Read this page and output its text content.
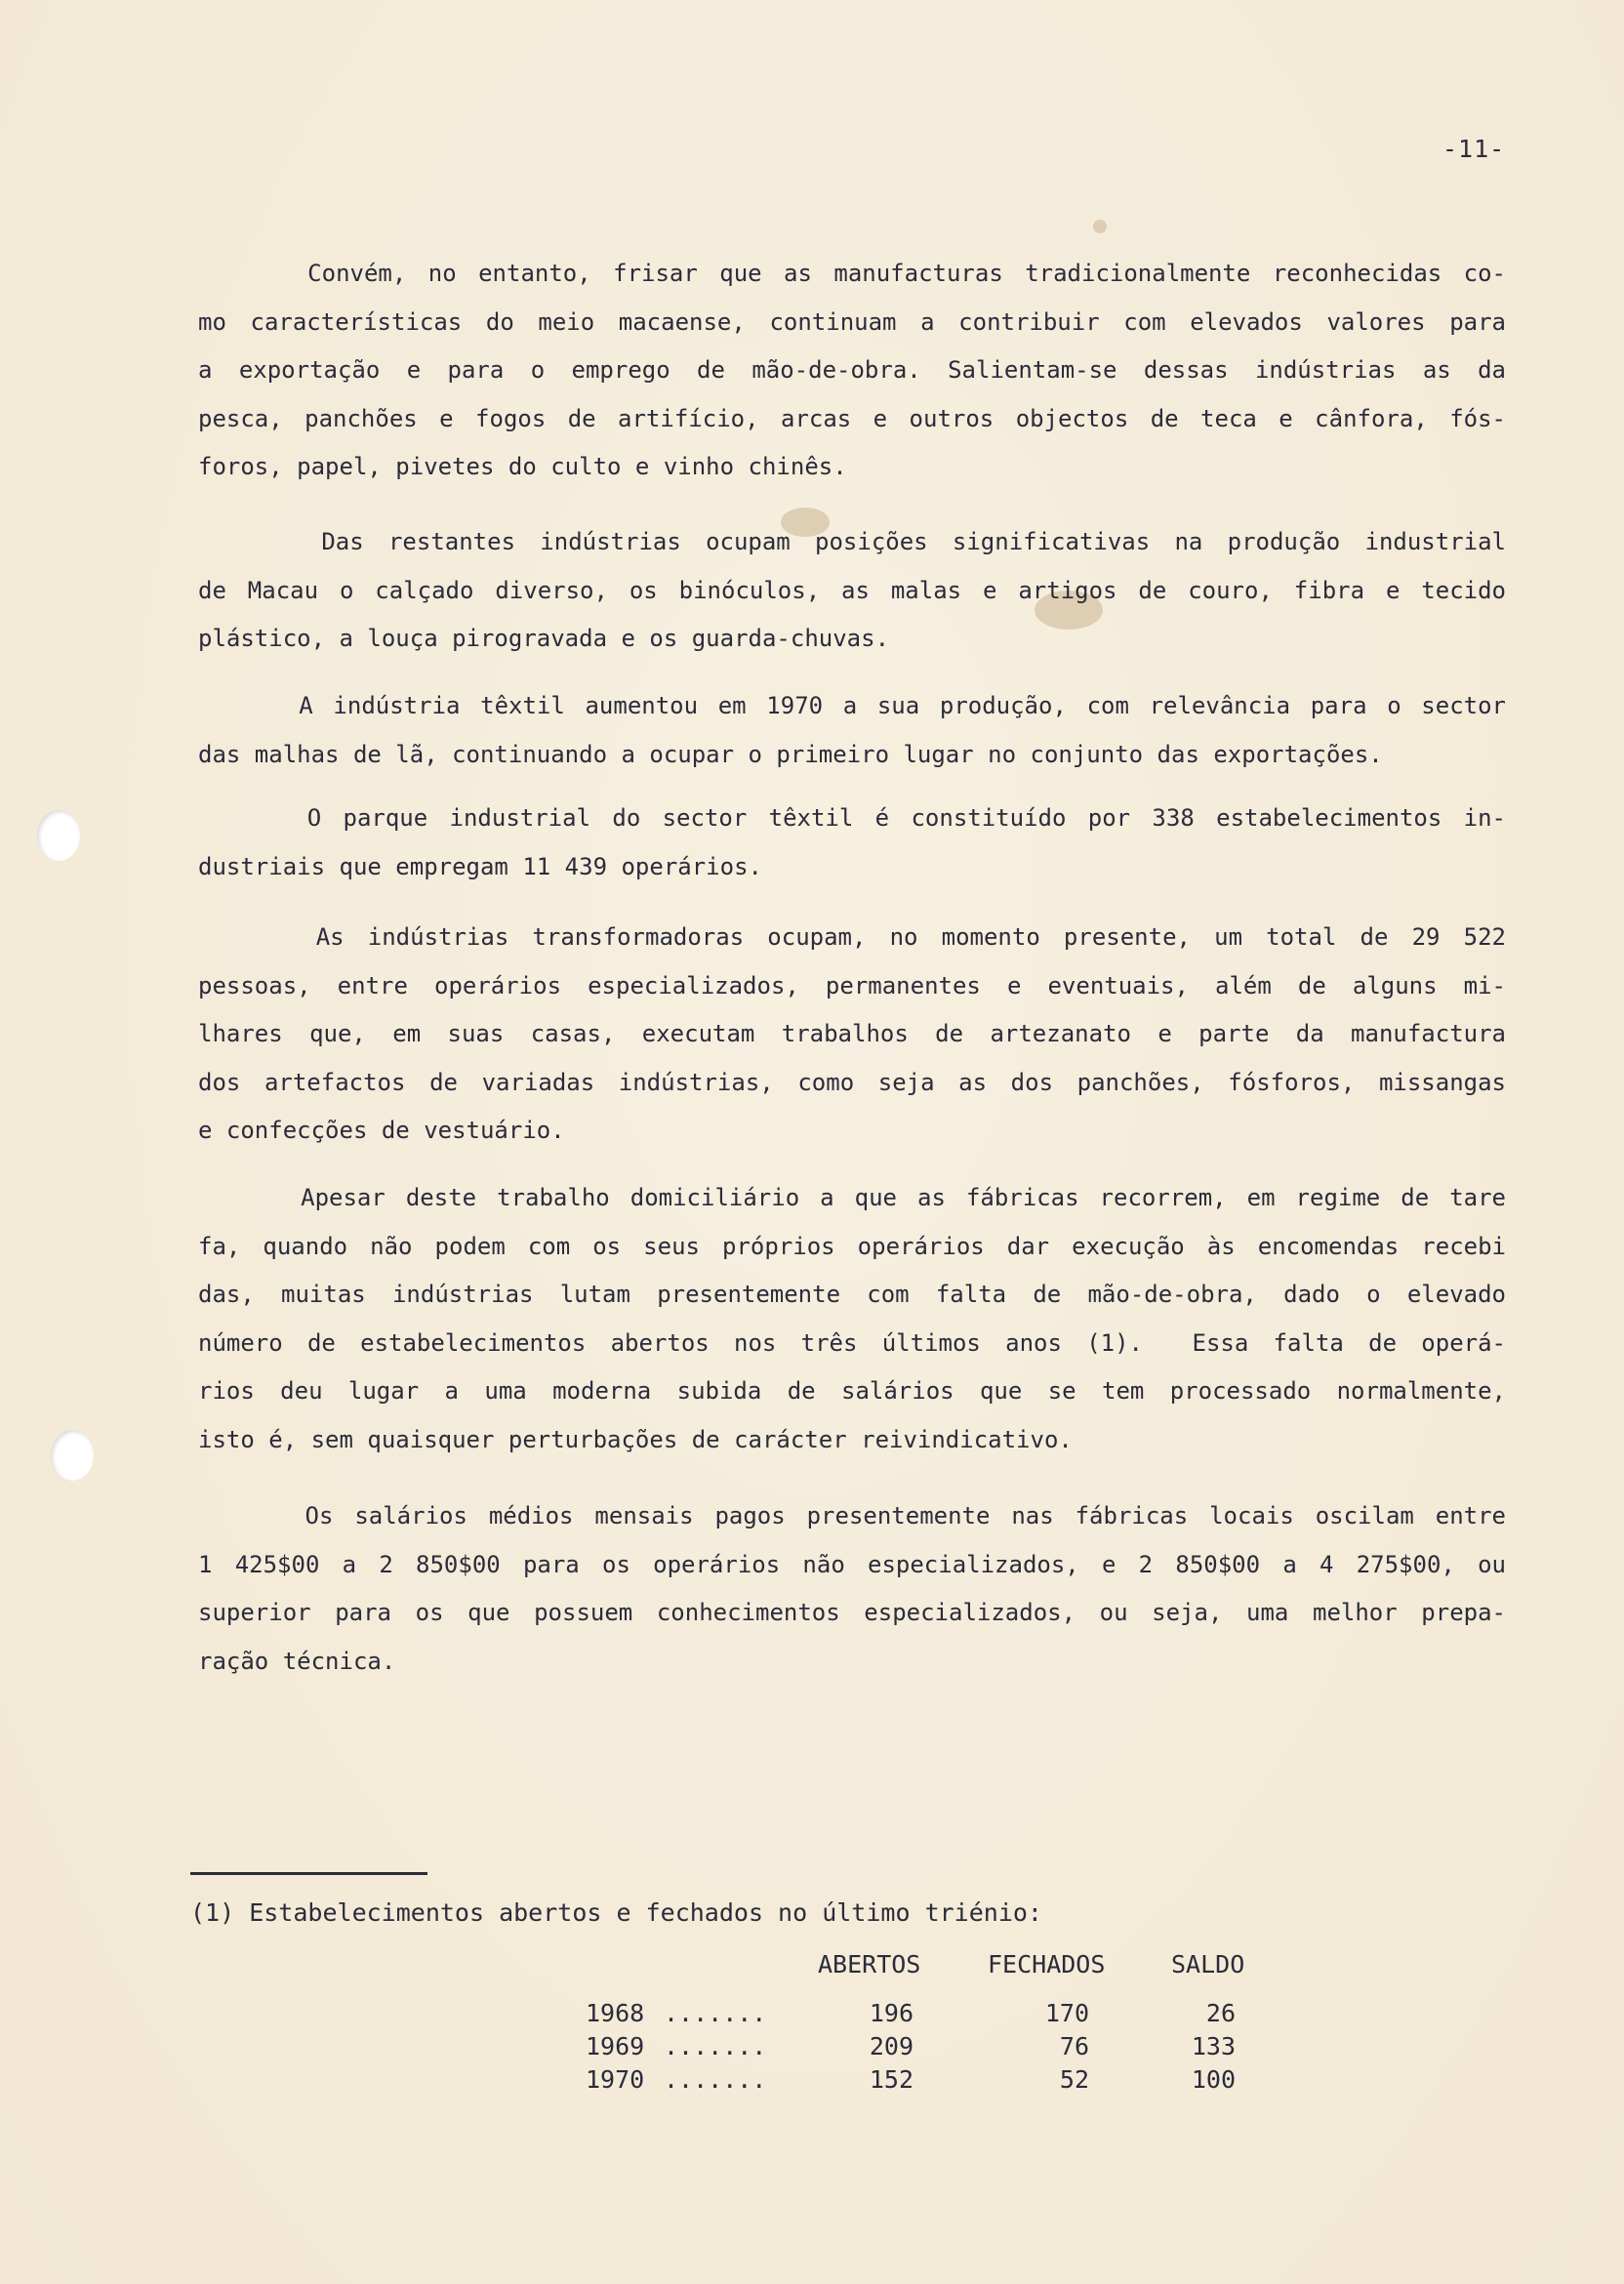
-11-
Convém, no entanto, frisar que as manufacturas tradicionalmente reconhecidas co-
mo características do meio macaense, continuam a contribuir com elevados valores para
a exportação e para o emprego de mão-de-obra. Salientam-se dessas indústrias as da
pesca, panchões e fogos de artifício, arcas e outros objectos de teca e cânfora, fós-
foros, papel, pivetes do culto e vinho chinês.
Das restantes indústrias ocupam posições significativas na produção industrial
de Macau o calçado diverso, os binóculos, as malas e artigos de couro, fibra e tecido
plástico, a louça pirogravada e os guarda-chuvas.
A indústria têxtil aumentou em 1970 a sua produção, com relevância para o sector
das malhas de lã, continuando a ocupar o primeiro lugar no conjunto das exportações.
O parque industrial do sector têxtil é constituído por 338 estabelecimentos in-
dustriais que empregam 11 439 operários.
As indústrias transformadoras ocupam, no momento presente, um total de 29 522
pessoas, entre operários especializados, permanentes e eventuais, além de alguns mi-
lhares que, em suas casas, executam trabalhos de artezanato e parte da manufactura
dos artefactos de variadas indústrias, como seja as dos panchões, fósforos, missangas
e confecções de vestuário.
Apesar deste trabalho domiciliário a que as fábricas recorrem, em regime de tare
fa, quando não podem com os seus próprios operários dar execução às encomendas recebi
das, muitas indústrias lutam presentemente com falta de mão-de-obra, dado o elevado
número de estabelecimentos abertos nos três últimos anos (1).  Essa falta de operá-
rios deu lugar a uma moderna subida de salários que se tem processado normalmente,
isto é, sem quaisquer perturbações de carácter reivindicativo.
Os salários médios mensais pagos presentemente nas fábricas locais oscilam entre
1 425$00 a 2 850$00 para os operários não especializados, e 2 850$00 a 4 275$00, ou
superior para os que possuem conhecimentos especializados, ou seja, uma melhor prepa-
ração técnica.
(1) Estabelecimentos abertos e fechados no último triénio:
ABERTOS	FECHADOS	SALDO
1968 .......	196	170	26
1969 .......	209	76	133
1970 .......	152	52	100
